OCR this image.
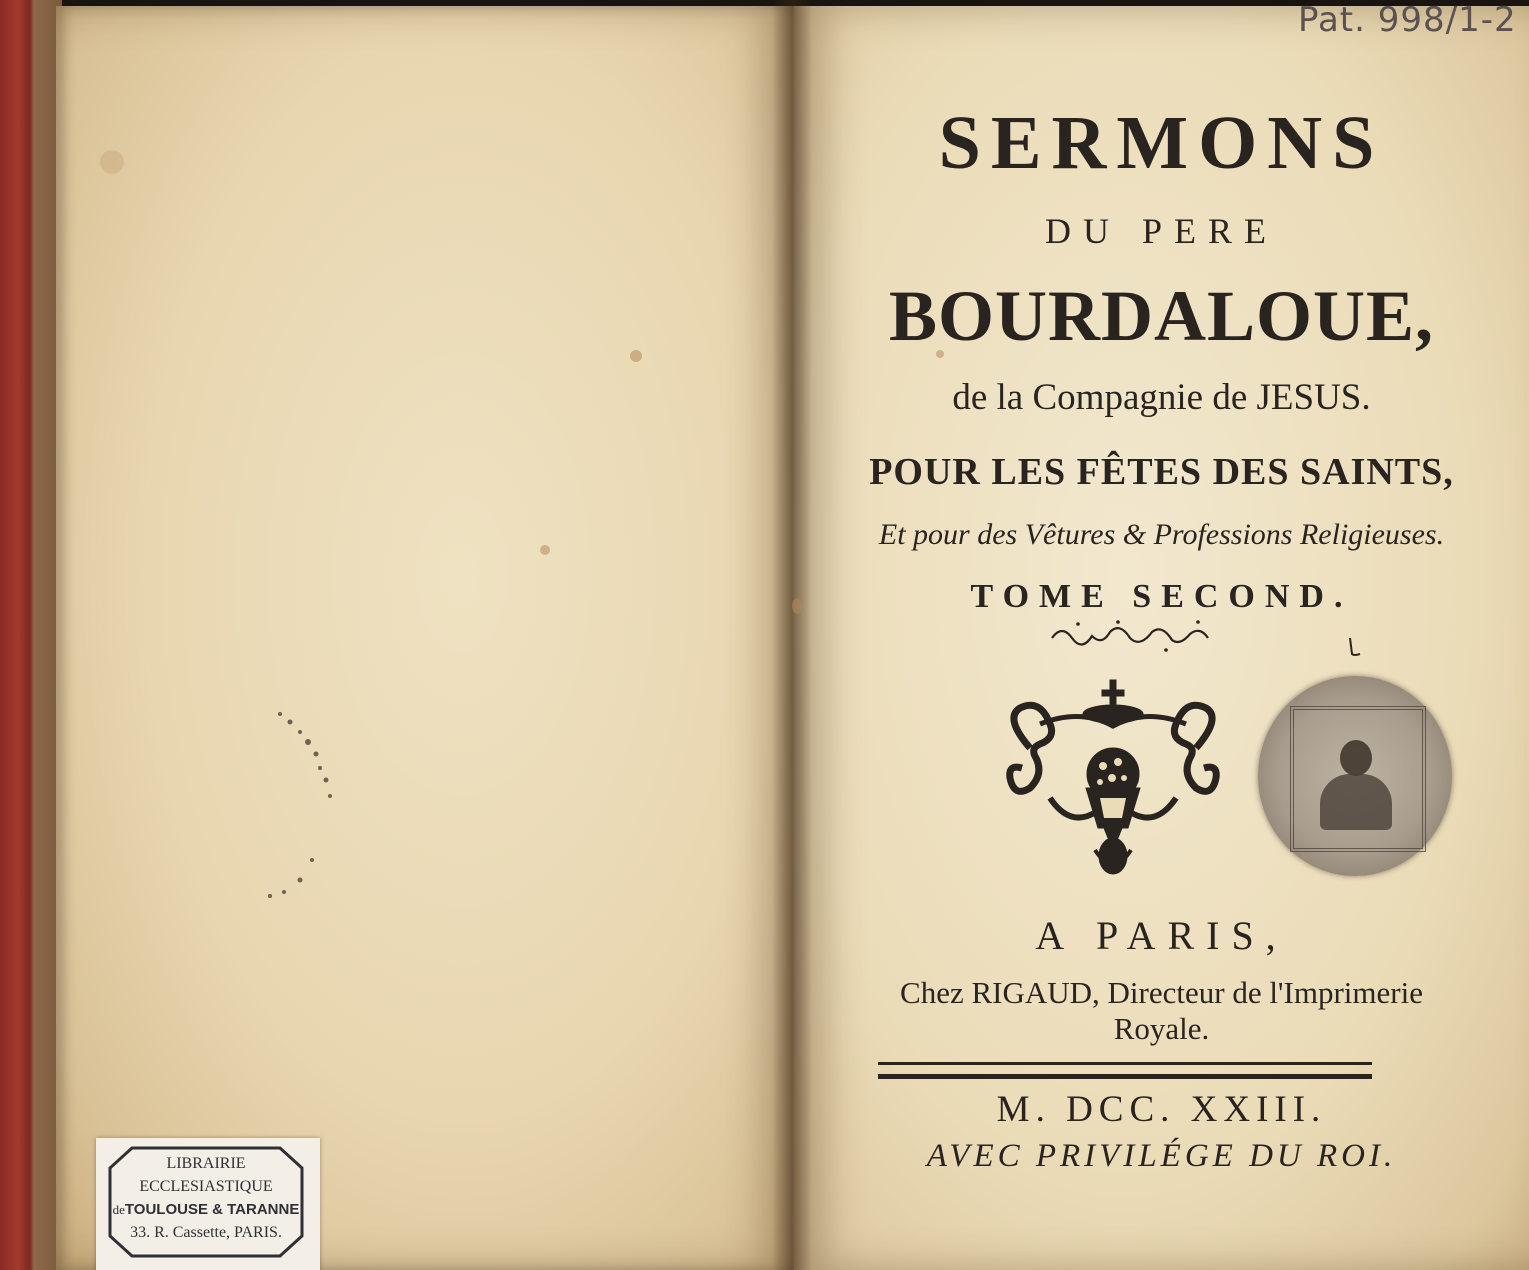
Pat. 998/1-2
SERMONS
DU PERE
BOURDALOUE,
de la Compagnie de JESUS.
POUR LES FÊTES DES SAINTS,
Et pour des Vêtures & Professions Religieuses.
TOME SECOND.
A PARIS,
Chez RIGAUD, Directeur de l'Imprimerie
Royale.
M. DCC. XXIII.
AVEC PRIVILÉGE DU ROI.
LIBRAIRIE
ECCLESIASTIQUE
deTOULOUSE & TARANNE
33. R. Cassette, PARIS.
